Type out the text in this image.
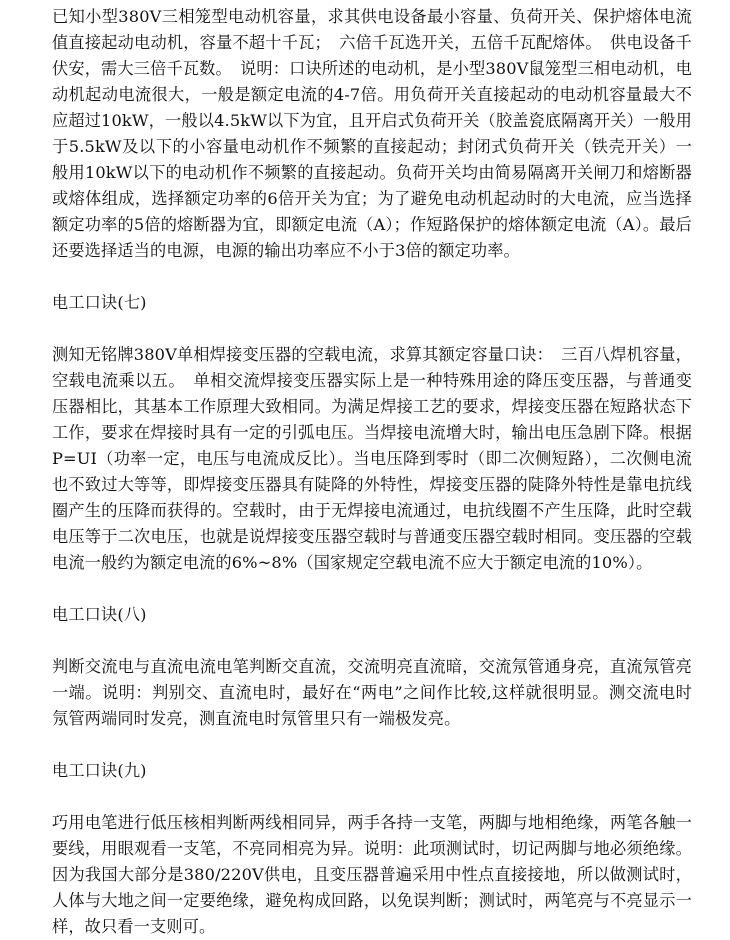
已知小型380V三相笼型电动机容量，求其供电设备最小容量、负荷开关、保护熔体电流值直接起动电动机，容量不超十千瓦；　六倍千瓦选开关，五倍千瓦配熔体。　供电设备千伏安，需大三倍千瓦数。　说明：口诀所述的电动机，是小型380V鼠笼型三相电动机，电动机起动电流很大，一般是额定电流的4-7倍。用负荷开关直接起动的电动机容量最大不应超过10kW，一般以4.5kW以下为宜，且开启式负荷开关（胶盖瓷底隔离开关）一般用于5.5kW及以下的小容量电动机作不频繁的直接起动；封闭式负荷开关（铁壳开关）一般用10kW以下的电动机作不频繁的直接起动。负荷开关均由简易隔离开关闸刀和熔断器或熔体组成，选择额定功率的6倍开关为宜；为了避免电动机起动时的大电流，应当选择额定功率的5倍的熔断器为宜，即额定电流（A）；作短路保护的熔体额定电流（A）。最后还要选择适当的电源，电源的输出功率应不小于3倍的额定功率。

电工口诀(七)

测知无铭牌380V单相焊接变压器的空载电流，求算其额定容量口诀：　三百八焊机容量，空载电流乘以五。　单相交流焊接变压器实际上是一种特殊用途的降压变压器，与普通变压器相比，其基本工作原理大致相同。为满足焊接工艺的要求，焊接变压器在短路状态下工作，要求在焊接时具有一定的引弧电压。当焊接电流增大时，输出电压急剧下降。根据P=UI（功率一定，电压与电流成反比）。当电压降到零时（即二次侧短路），二次侧电流也不致过大等等，即焊接变压器具有陡降的外特性，焊接变压器的陡降外特性是靠电抗线圈产生的压降而获得的。空载时，由于无焊接电流通过，电抗线圈不产生压降，此时空载电压等于二次电压，也就是说焊接变压器空载时与普通变压器空载时相同。变压器的空载电流一般约为额定电流的6%~8%（国家规定空载电流不应大于额定电流的10%）。

电工口诀(八)

判断交流电与直流电流电笔判断交直流，交流明亮直流暗，交流氖管通身亮，直流氖管亮一端。说明：判别交、直流电时，最好在“两电”之间作比较,这样就很明显。测交流电时氖管两端同时发亮，测直流电时氖管里只有一端极发亮。

电工口诀(九)

巧用电笔进行低压核相判断两线相同异，两手各持一支笔，两脚与地相绝缘，两笔各触一要线，用眼观看一支笔，不亮同相亮为异。说明：此项测试时，切记两脚与地必须绝缘。因为我国大部分是380/220V供电，且变压器普遍采用中性点直接接地，所以做测试时，人体与大地之间一定要绝缘，避免构成回路，以免误判断；测试时，两笔亮与不亮显示一样，故只看一支则可。
